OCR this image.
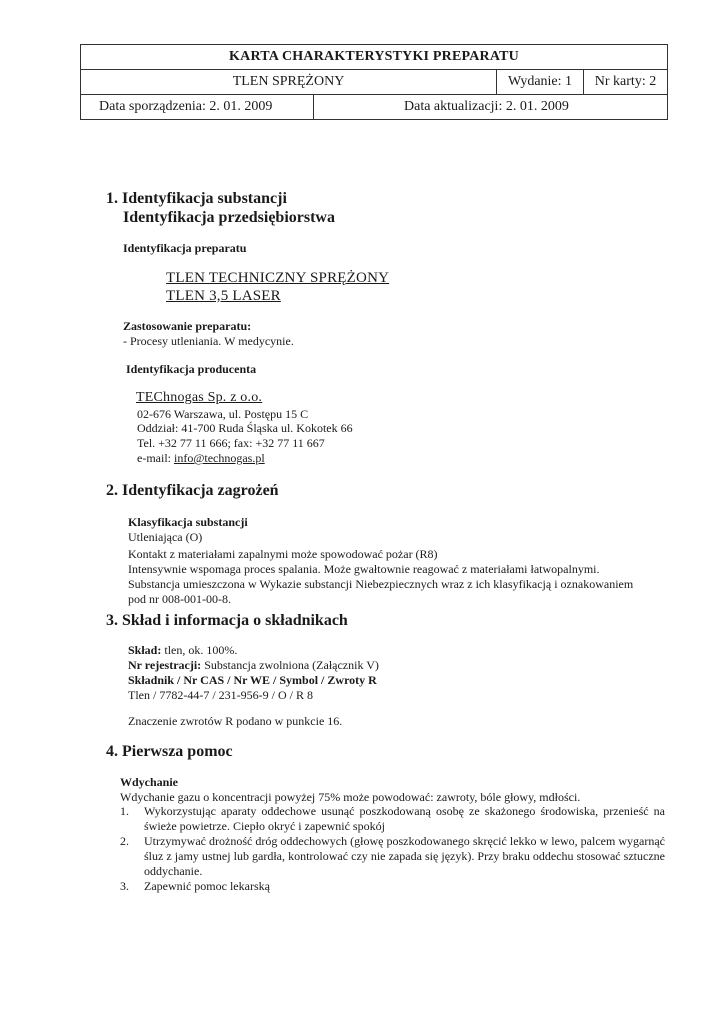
KARTA CHARAKTERYSTYKI PREPARATU
TLEN SPRĘŻONY	Wydanie: 1	Nr karty: 2
Data sporządzenia: 2. 01. 2009	Data aktualizacji: 2. 01. 2009
1. Identyfikacja substancji
Identyfikacja przedsiębiorstwa
Identyfikacja preparatu
TLEN TECHNICZNY SPRĘŻONY
TLEN 3,5 LASER
Zastosowanie preparatu:
- Procesy utleniania. W medycynie.
Identyfikacja producenta
TEChnogas Sp. z o.o.
02-676 Warszawa, ul. Postępu 15 C
Oddział: 41-700 Ruda Śląska ul. Kokotek 66
Tel. +32 77 11 666; fax: +32 77 11 667
e-mail: info@technogas.pl
2. Identyfikacja zagrożeń
Klasyfikacja substancji
Utleniająca (O)
Kontakt z materiałami zapalnymi może spowodować pożar (R8)
Intensywnie wspomaga proces spalania. Może gwałtownie reagować z materiałami łatwopalnymi.
Substancja umieszczona w Wykazie substancji Niebezpiecznych wraz z ich klasyfikacją i oznakowaniem
pod nr 008-001-00-8.
3. Skład i informacja o składnikach
Skład: tlen, ok. 100%.
Nr rejestracji: Substancja zwolniona (Załącznik V)
Składnik / Nr CAS / Nr WE / Symbol / Zwroty R
Tlen / 7782-44-7 / 231-956-9 / O / R 8
Znaczenie zwrotów R podano w punkcie 16.
4. Pierwsza pomoc
Wdychanie
Wdychanie gazu o koncentracji powyżej 75% może powodować: zawroty, bóle głowy, mdłości.
1.	Wykorzystując aparaty oddechowe usunąć poszkodowaną osobę ze skażonego środowiska, przenieść na świeże powietrze. Ciepło okryć i zapewnić spokój
2.	Utrzymywać drożność dróg oddechowych (głowę poszkodowanego skręcić lekko w lewo, palcem wygarnąć śluz z jamy ustnej lub gardła, kontrolować czy nie zapada się język). Przy braku oddechu stosować sztuczne oddychanie.
3.	Zapewnić pomoc lekarską
